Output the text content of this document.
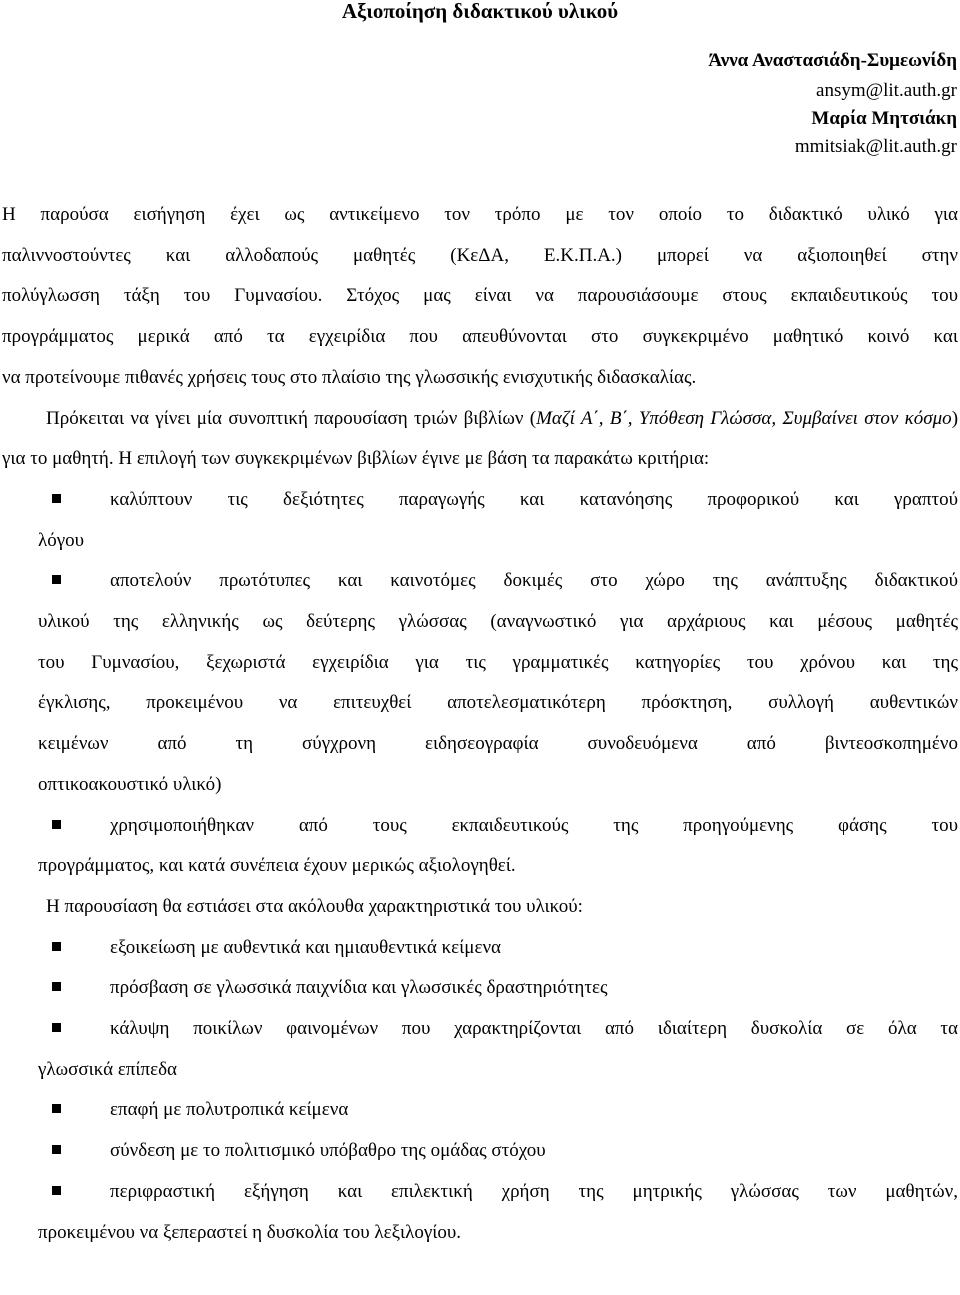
Αξιοποίηση διδακτικού υλικού
Άννα Αναστασιάδη-Συμεωνίδη
ansym@lit.auth.gr
Μαρία Μητσιάκη
mmitsiak@lit.auth.gr

Η παρούσα εισήγηση έχει ως αντικείμενο τον τρόπο με τον οποίο το διδακτικό υλικό για

παλιννοστούντες και αλλοδαπούς μαθητές (ΚεΔΑ, Ε.Κ.Π.Α.) μπορεί να αξιοποιηθεί στην

πολύγλωσση τάξη του Γυμνασίου. Στόχος μας είναι να παρουσιάσουμε στους εκπαιδευτικούς του

προγράμματος μερικά από τα εγχειρίδια που απευθύνονται στο συγκεκριμένο μαθητικό κοινό και

να προτείνουμε πιθανές χρήσεις τους στο πλαίσιο της γλωσσικής ενισχυτικής διδασκαλίας.

Πρόκειται να γίνει μία συνοπτική παρουσίαση τριών βιβλίων (Μαζί Α΄, Β΄, Υπόθεση Γλώσσα, Συμβαίνει στον κόσμο) για το μαθητή. Η επιλογή των συγκεκριμένων βιβλίων έγινε με βάση τα παρακάτω κριτήρια:

καλύπτουν τις δεξιότητες παραγωγής και κατανόησης προφορικού και γραπτού

λόγου

αποτελούν πρωτότυπες και καινοτόμες δοκιμές στο χώρο της ανάπτυξης διδακτικού

υλικού της ελληνικής ως δεύτερης γλώσσας (αναγνωστικό για αρχάριους και μέσους μαθητές

του Γυμνασίου, ξεχωριστά εγχειρίδια για τις γραμματικές κατηγορίες του χρόνου και της

έγκλισης, προκειμένου να επιτευχθεί αποτελεσματικότερη πρόσκτηση, συλλογή αυθεντικών

κειμένων από τη σύγχρονη ειδησεογραφία συνοδευόμενα από βιντεοσκοπημένο

οπτικοακουστικό υλικό)

χρησιμοποιήθηκαν από τους εκπαιδευτικούς της προηγούμενης φάσης του

προγράμματος, και κατά συνέπεια έχουν μερικώς αξιολογηθεί.

Η παρουσίαση θα εστιάσει στα ακόλουθα χαρακτηριστικά του υλικού:

εξοικείωση με αυθεντικά και ημιαυθεντικά κείμενα

πρόσβαση σε γλωσσικά παιχνίδια και γλωσσικές δραστηριότητες

κάλυψη ποικίλων φαινομένων που χαρακτηρίζονται από ιδιαίτερη δυσκολία σε όλα τα

γλωσσικά επίπεδα

επαφή με πολυτροπικά κείμενα

σύνδεση με το πολιτισμικό υπόβαθρο της ομάδας στόχου

περιφραστική εξήγηση και επιλεκτική χρήση της μητρικής γλώσσας των μαθητών,

προκειμένου να ξεπεραστεί η δυσκολία του λεξιλογίου.
